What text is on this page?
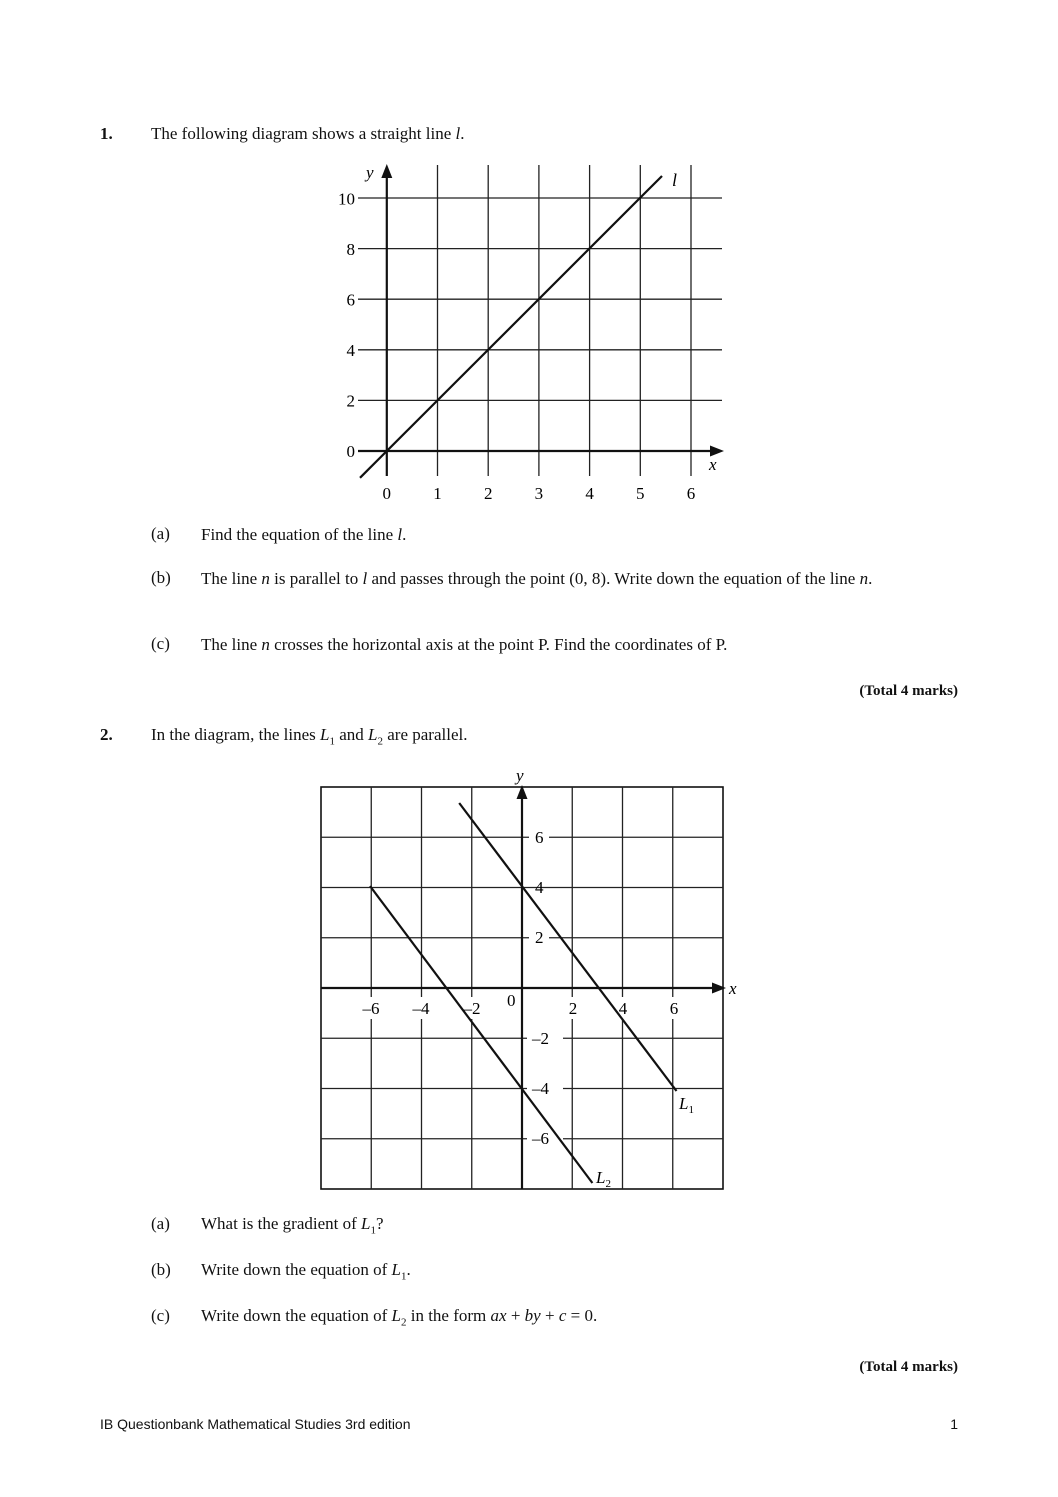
1. The following diagram shows a straight line l.
l
y
x
0 1 2 3 4 5 6
0
2
4
6
8
10
(a) Find the equation of the line l.
(b) The line n is parallel to l and passes through the point (0, 8). Write down the equation of the line n.
(c) The line n crosses the horizontal axis at the point P. Find the coordinates of P.
(Total 4 marks)
2. In the diagram, the lines $L_1$ and $L_2$ are parallel.
–6 –4 –2	2 4	6
6
4
2
–2
–4
–6
0
y
x
$L_1$
$L_2$
(a) What is the gradient of $L_1$?
(b) Write down the equation of $L_1$.
(c) Write down the equation of $L_2$ in the form ax + by + c = 0.
(Total 4 marks)
IB Questionbank Mathematical Studies 3rd edition	1
